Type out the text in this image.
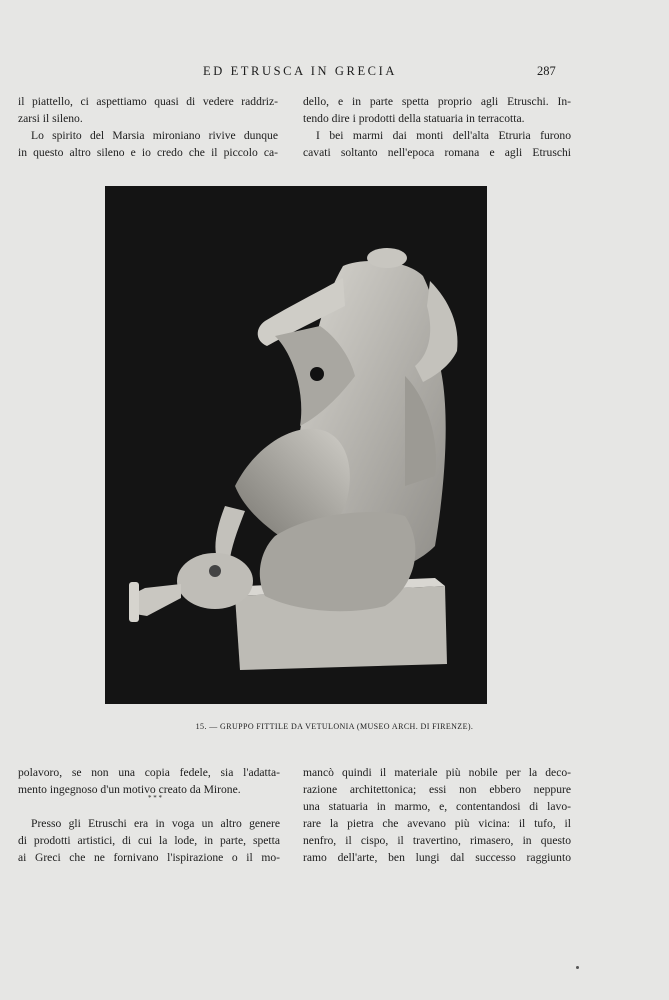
ED ETRUSCA IN GRECIA	287
il piattello, ci aspettiamo quasi di vedere raddriz-
zarsi il sileno.
Lo spirito del Marsia mironiano rivive dunque
in questo altro sileno e io credo che il piccolo ca-
dello, e in parte spetta proprio agli Etruschi. In-
tendo dire i prodotti della statuaria in terracotta.
I bei marmi dai monti dell'alta Etruria furono
cavati soltanto nell'epoca romana e agli Etruschi
15. — GRUPPO FITTILE DA VETULONIA (MUSEO ARCH. DI FIRENZE).
polavoro, se non una copia fedele, sia l'adatta-
mento ingegnoso d'un motivo creato da Mirone.
Presso gli Etruschi era in voga un altro genere
di prodotti artistici, di cui la lode, in parte, spetta
ai Greci che ne fornivano l'ispirazione o il mo-
* * *
mancò quindi il materiale più nobile per la deco-
razione architettonica; essi non ebbero neppure
una statuaria in marmo, e, contentandosi di lavo-
rare la pietra che avevano più vicina: il tufo, il
nenfro, il cispo, il travertino, rimasero, in questo
ramo dell'arte, ben lungi dal successo raggiunto
